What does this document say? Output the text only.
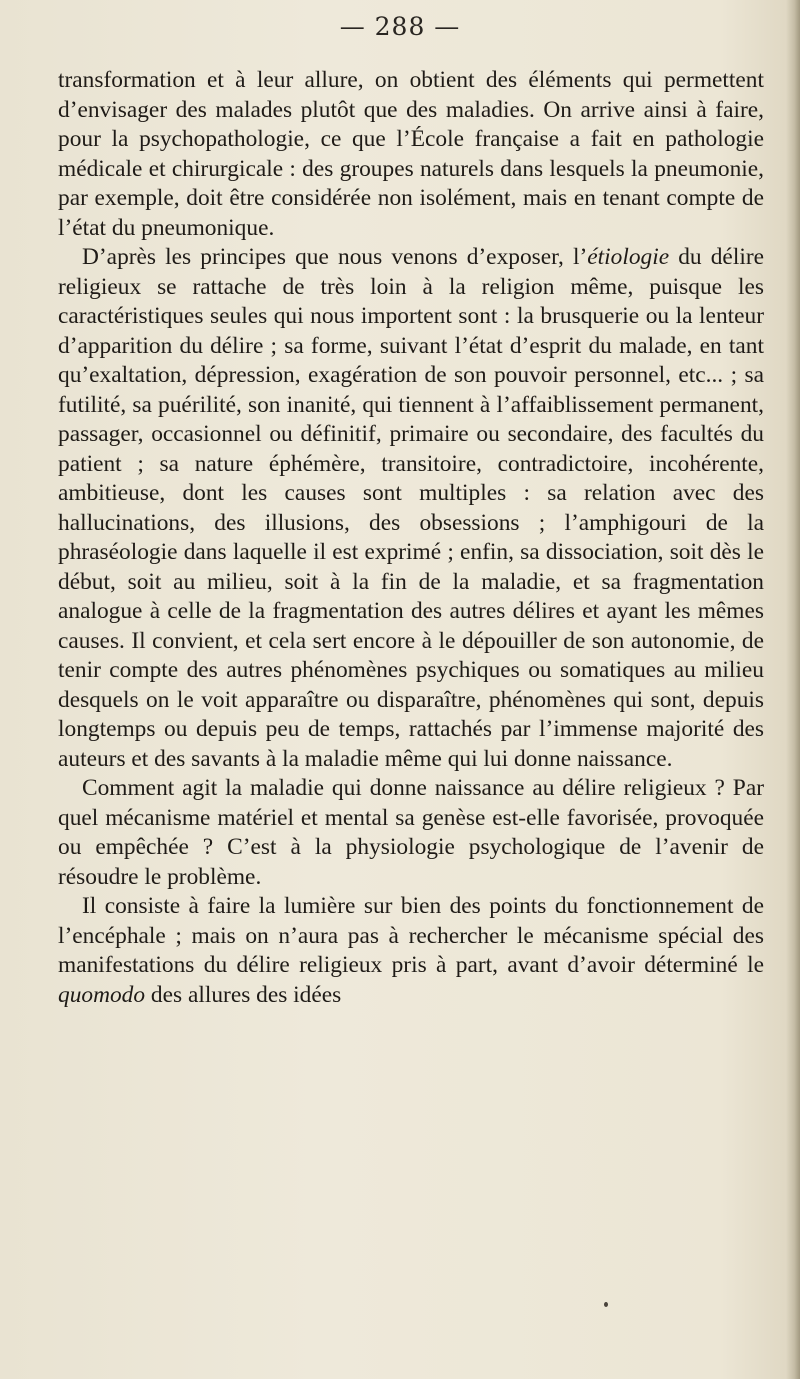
— 288 —

transformation et à leur allure, on obtient des éléments qui permettent d’envisager des malades plutôt que des maladies. On arrive ainsi à faire, pour la psychopathologie, ce que l’École française a fait en pathologie médicale et chirurgicale : des groupes naturels dans lesquels la pneumonie, par exemple, doit être considérée non isolément, mais en tenant compte de l’état du pneumonique.

D’après les principes que nous venons d’exposer, l’étiologie du délire religieux se rattache de très loin à la religion même, puisque les caractéristiques seules qui nous importent sont : la brusquerie ou la lenteur d’apparition du délire ; sa forme, suivant l’état d’esprit du malade, en tant qu’exaltation, dépression, exagération de son pouvoir personnel, etc... ; sa futilité, sa puérilité, son inanité, qui tiennent à l’affaiblissement permanent, passager, occasionnel ou définitif, primaire ou secondaire, des facultés du patient ; sa nature éphémère, transitoire, contradictoire, incohérente, ambitieuse, dont les causes sont multiples : sa relation avec des hallucinations, des illusions, des obsessions ; l’amphigouri de la phraséologie dans laquelle il est exprimé ; enfin, sa dissociation, soit dès le début, soit au milieu, soit à la fin de la maladie, et sa fragmentation analogue à celle de la fragmentation des autres délires et ayant les mêmes causes. Il convient, et cela sert encore à le dépouiller de son autonomie, de tenir compte des autres phénomènes psychiques ou somatiques au milieu desquels on le voit apparaître ou disparaître, phénomènes qui sont, depuis longtemps ou depuis peu de temps, rattachés par l’immense majorité des auteurs et des savants à la maladie même qui lui donne naissance.

Comment agit la maladie qui donne naissance au délire religieux ? Par quel mécanisme matériel et mental sa genèse est-elle favorisée, provoquée ou empêchée ? C’est à la physiologie psychologique de l’avenir de résoudre le problème.

Il consiste à faire la lumière sur bien des points du fonctionnement de l’encéphale ; mais on n’aura pas à rechercher le mécanisme spécial des manifestations du délire religieux pris à part, avant d’avoir déterminé le quomodo des allures des idées
